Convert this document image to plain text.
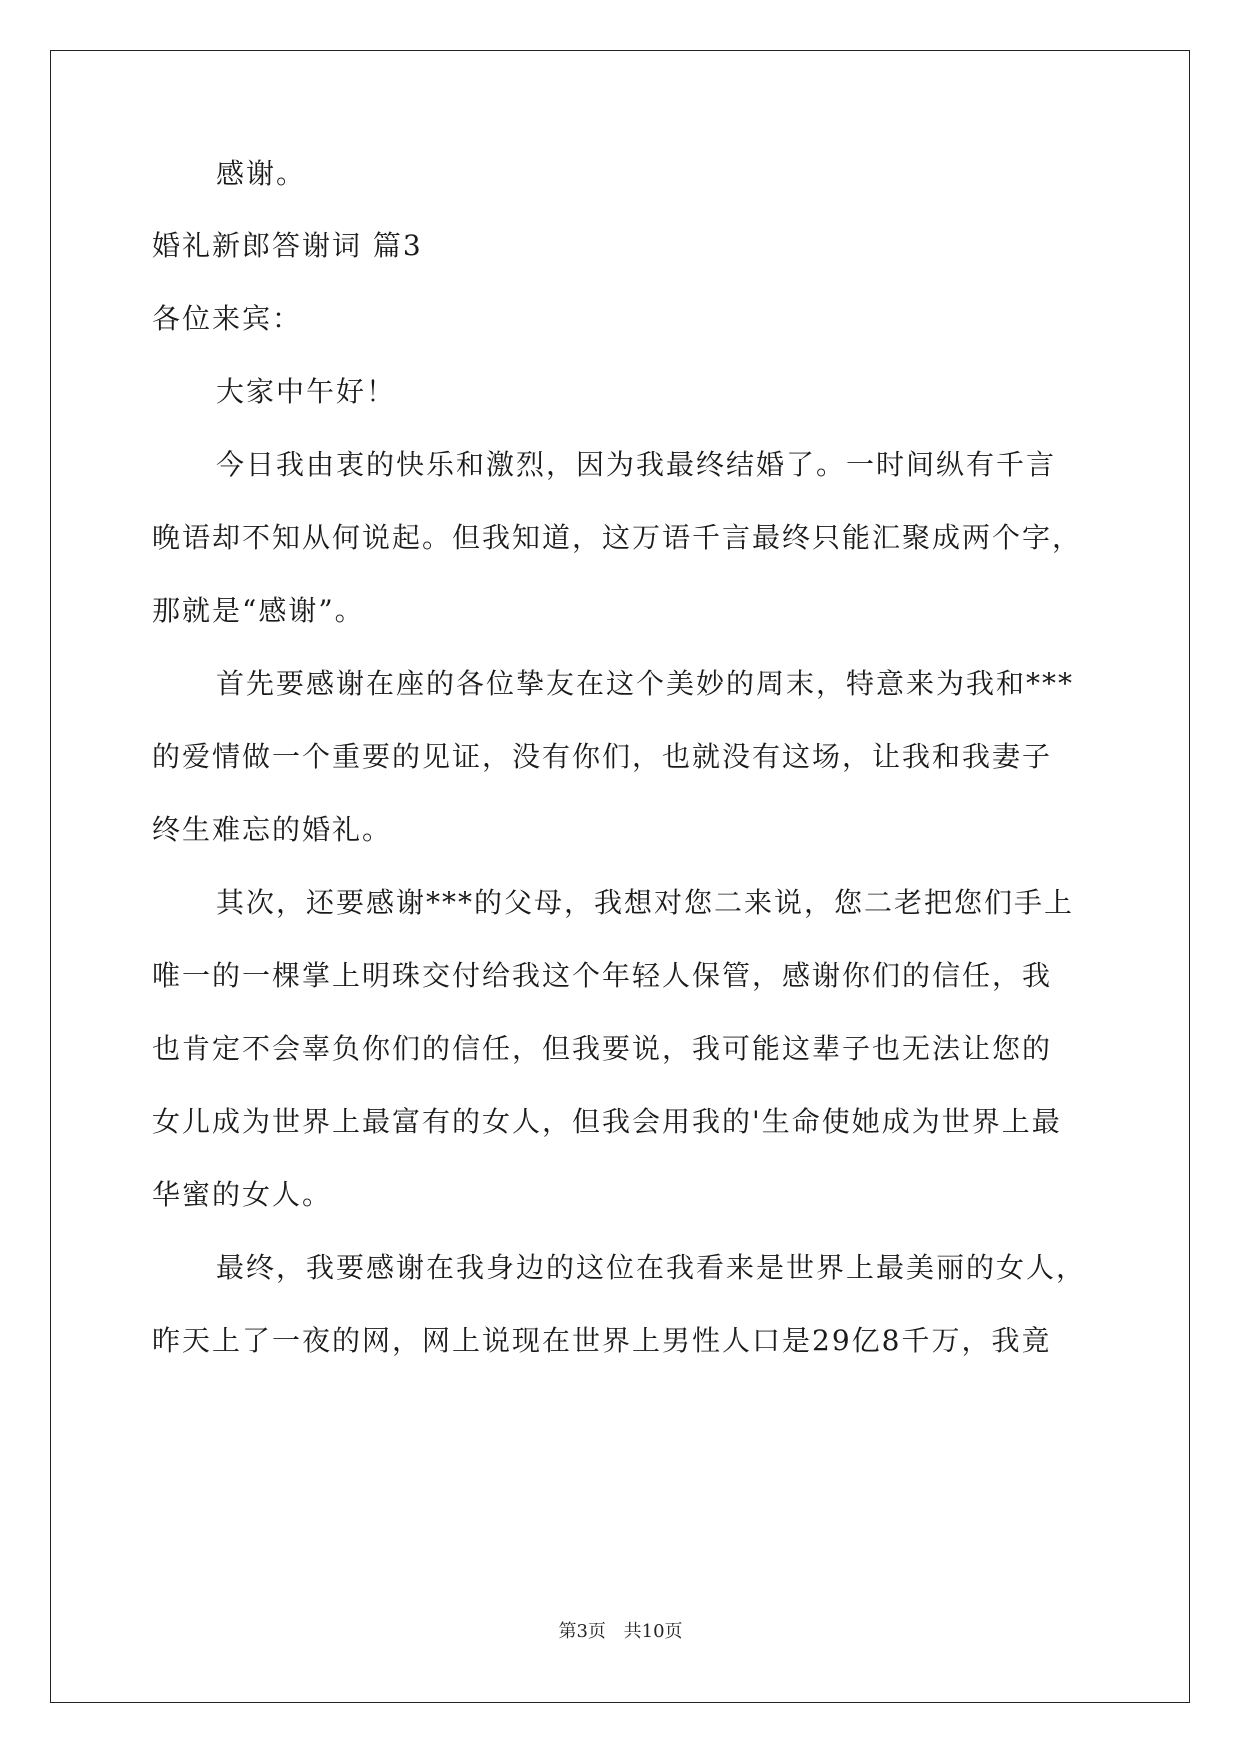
感谢。
婚礼新郎答谢词 篇3
各位来宾：
大家中午好！
今日我由衷的快乐和激烈，因为我最终结婚了。一时间纵有千言
晚语却不知从何说起。但我知道，这万语千言最终只能汇聚成两个字，
那就是“感谢”。
首先要感谢在座的各位挚友在这个美妙的周末，特意来为我和***
的爱情做一个重要的见证，没有你们，也就没有这场，让我和我妻子
终生难忘的婚礼。
其次，还要感谢***的父母，我想对您二来说，您二老把您们手上
唯一的一棵掌上明珠交付给我这个年轻人保管，感谢你们的信任，我
也肯定不会辜负你们的信任，但我要说，我可能这辈子也无法让您的
女儿成为世界上最富有的女人，但我会用我的'生命使她成为世界上最
华蜜的女人。
最终，我要感谢在我身边的这位在我看来是世界上最美丽的女人，
昨天上了一夜的网，网上说现在世界上男性人口是29亿8千万，我竟
第3页 共10页
